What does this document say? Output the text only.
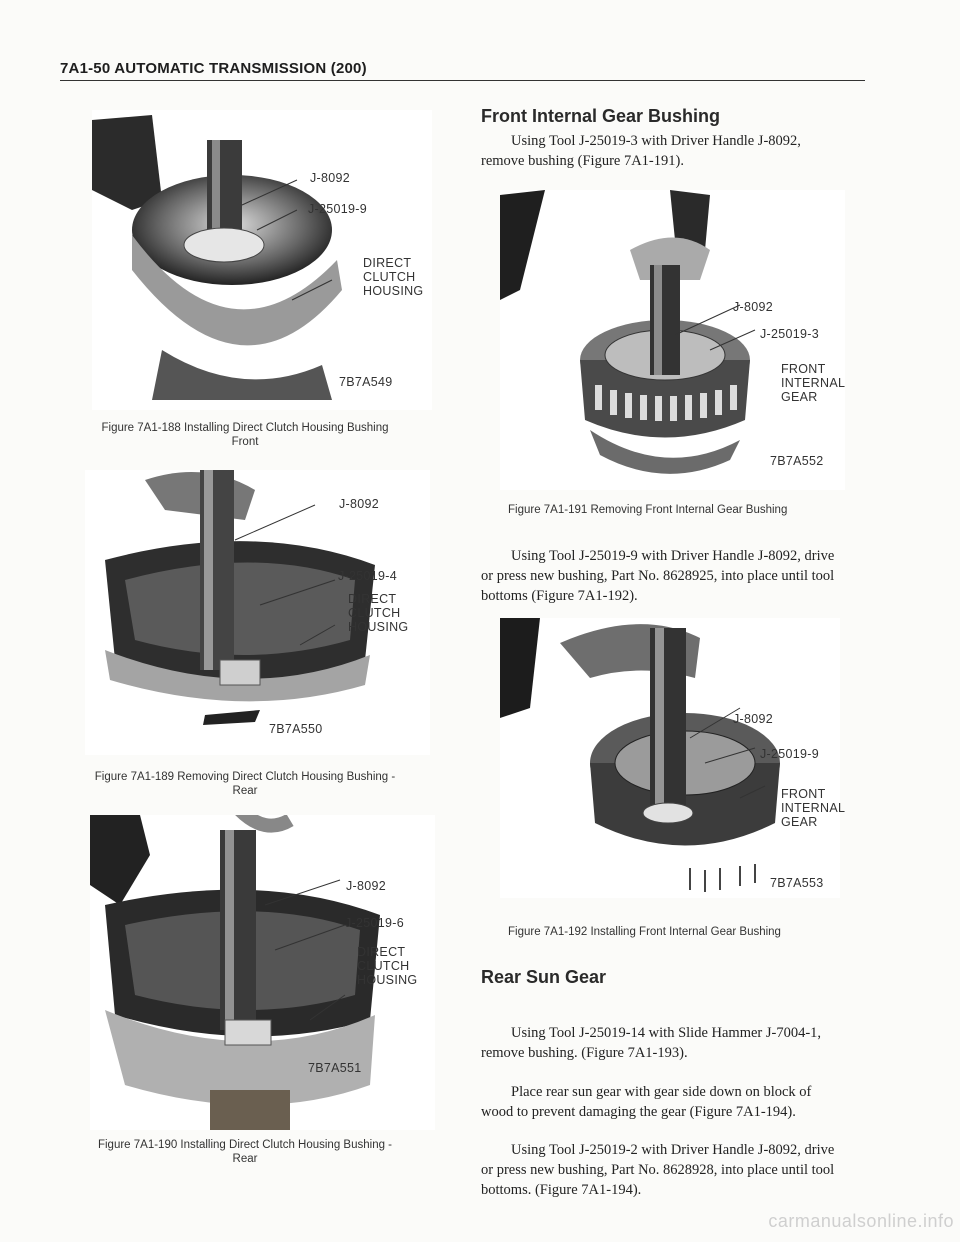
7A1-50 AUTOMATIC TRANSMISSION (200)
J-8092
J-25019-9
DIRECT
CLUTCH
HOUSING
7B7A549
Figure 7A1-188 Installing Direct Clutch Housing Bushing
Front
J-8092
J-25019-4
DIRECT
CLUTCH
HOUSING
7B7A550
Figure 7A1-189 Removing Direct Clutch Housing Bushing -
Rear
J-8092
J-25019-6
DIRECT
CLUTCH
HOUSING
7B7A551
Figure 7A1-190 Installing Direct Clutch Housing Bushing -
Rear
Front Internal Gear Bushing
Using Tool J-25019-3 with Driver Handle J-8092,
remove bushing (Figure 7A1-191).
J-8092
J-25019-3
FRONT
INTERNAL
GEAR
7B7A552
Figure 7A1-191 Removing Front Internal Gear Bushing
Using Tool J-25019-9 with Driver Handle J-8092, drive
or press new bushing, Part No. 8628925, into place until tool
bottoms (Figure 7A1-192).
J-8092
J-25019-9
FRONT
INTERNAL
GEAR
7B7A553
Figure 7A1-192 Installing Front Internal Gear Bushing
Rear Sun Gear
Using Tool J-25019-14 with Slide Hammer J-7004-1,
remove bushing. (Figure 7A1-193).
Place rear sun gear with gear side down on block of
wood to prevent damaging the gear (Figure 7A1-194).
Using Tool J-25019-2 with Driver Handle J-8092, drive
or press new bushing, Part No. 8628928, into place until tool
bottoms. (Figure 7A1-194).
carmanualsonline.info
